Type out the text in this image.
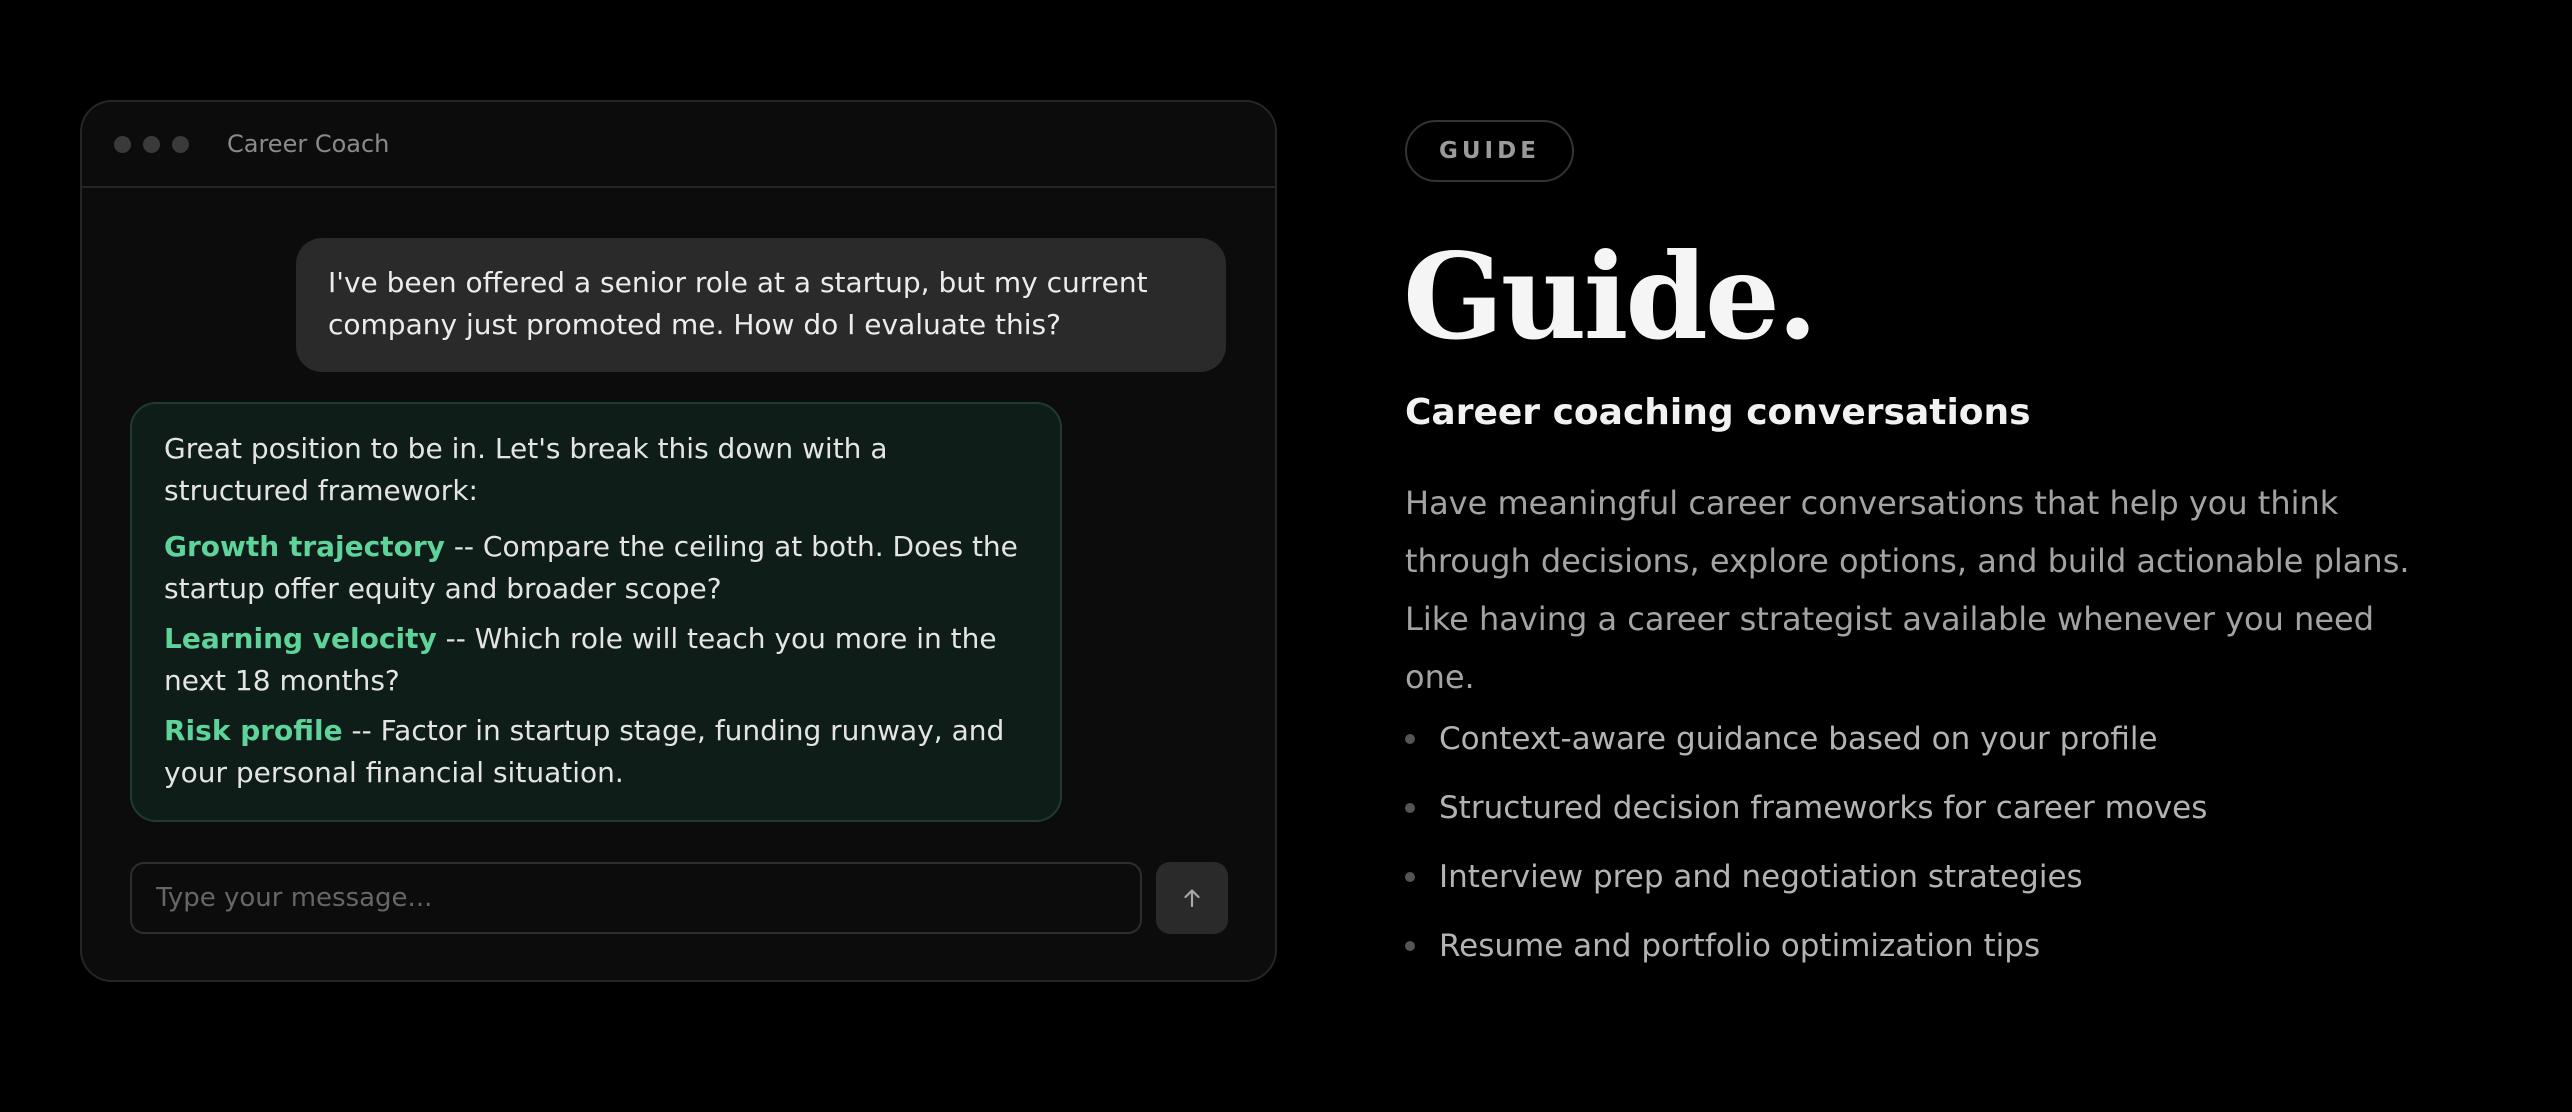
Career Coach
I've been offered a senior role at a startup, but my current company just promoted me. How do I evaluate this?
Great position to be in. Let's break this down with a structured framework:
Growth trajectory -- Compare the ceiling at both. Does the startup offer equity and broader scope?
Learning velocity -- Which role will teach you more in the next 18 months?
Risk profile -- Factor in startup stage, funding runway, and your personal financial situation.
Type your message...
GUIDE
Guide.
Career coaching conversations

Have meaningful career conversations that help you think through decisions, explore options, and build actionable plans. Like having a career strategist available whenever you need one.

Context-aware guidance based on your profile
Structured decision frameworks for career moves
Interview prep and negotiation strategies
Resume and portfolio optimization tips
